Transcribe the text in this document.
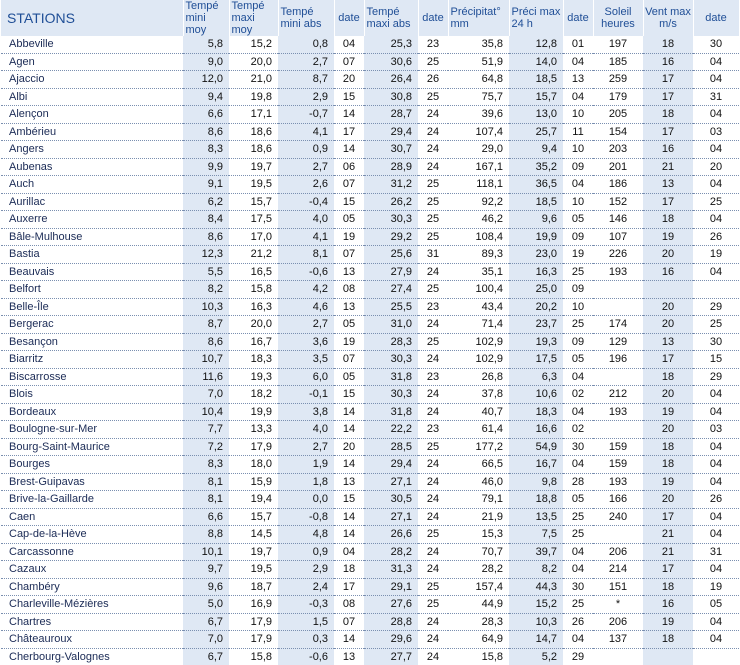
STATIONS	Tempé mini moy	Tempé maxi moy	Tempé mini abs	date	Tempé maxi abs	date	Précipitat° mm	Préci max 24 h	date	Soleil heures	Vent max m/s	date
Abbeville	5,8	15,2	0,8	04	25,3	23	35,8	12,8	01	197	18	30
Agen	9,0	20,0	2,7	07	30,6	25	51,9	14,0	04	185	16	04
Ajaccio	12,0	21,0	8,7	20	26,4	26	64,8	18,5	13	259	17	04
Albi	9,4	19,8	2,9	15	30,8	25	75,7	15,7	04	179	17	31
Alençon	6,6	17,1	-0,7	14	28,7	24	39,6	13,0	10	205	18	04
Ambérieu	8,6	18,6	4,1	17	29,4	24	107,4	25,7	11	154	17	03
Angers	8,3	18,6	0,9	14	30,7	24	29,0	9,4	10	203	16	04
Aubenas	9,9	19,7	2,7	06	28,9	24	167,1	35,2	09	201	21	20
Auch	9,1	19,5	2,6	07	31,2	25	118,1	36,5	04	186	13	04
Aurillac	6,2	15,7	-0,4	15	26,2	25	92,2	18,5	10	152	17	25
Auxerre	8,4	17,5	4,0	05	30,3	25	46,2	9,6	05	146	18	04
Bâle-Mulhouse	8,6	17,0	4,1	19	29,2	25	108,4	19,9	09	107	19	26
Bastia	12,3	21,2	8,1	07	25,6	31	89,3	23,0	19	226	20	19
Beauvais	5,5	16,5	-0,6	13	27,9	24	35,1	16,3	25	193	16	04
Belfort	8,2	15,8	4,2	08	27,4	25	100,4	25,0	09			
Belle-Île	10,3	16,3	4,6	13	25,5	23	43,4	20,2	10		20	29
Bergerac	8,7	20,0	2,7	05	31,0	24	71,4	23,7	25	174	20	25
Besançon	8,6	16,7	3,6	19	28,3	25	102,9	19,3	09	129	13	30
Biarritz	10,7	18,3	3,5	07	30,3	24	102,9	17,5	05	196	17	15
Biscarrosse	11,6	19,3	6,0	05	31,8	23	26,8	6,3	04		18	29
Blois	7,0	18,2	-0,1	15	30,3	24	37,8	10,6	02	212	20	04
Bordeaux	10,4	19,9	3,8	14	31,8	24	40,7	18,3	04	193	19	04
Boulogne-sur-Mer	7,7	13,3	4,0	14	22,2	23	61,4	16,6	02		20	03
Bourg-Saint-Maurice	7,2	17,9	2,7	20	28,5	25	177,2	54,9	30	159	18	04
Bourges	8,3	18,0	1,9	14	29,4	24	66,5	16,7	04	159	18	04
Brest-Guipavas	8,1	15,9	1,8	13	27,1	24	46,0	9,8	28	193	19	04
Brive-la-Gaillarde	8,1	19,4	0,0	15	30,5	24	79,1	18,8	05	166	20	26
Caen	6,6	15,7	-0,8	14	27,1	24	21,9	13,5	25	240	17	04
Cap-de-la-Hève	8,8	14,5	4,8	14	26,6	25	15,3	7,5	25		21	04
Carcassonne	10,1	19,7	0,9	04	28,2	24	70,7	39,7	04	206	21	31
Cazaux	9,7	19,5	2,9	18	31,3	24	28,2	8,2	04	214	17	04
Chambéry	9,6	18,7	2,4	17	29,1	25	157,4	44,3	30	151	18	19
Charleville-Mézières	5,0	16,9	-0,3	08	27,6	25	44,9	15,2	25	*	16	05
Chartres	6,7	17,9	1,5	07	28,8	24	28,3	10,3	26	206	19	04
Châteauroux	7,0	17,9	0,3	14	29,6	24	64,9	14,7	04	137	18	04
Cherbourg-Valognes	6,7	15,8	-0,6	13	27,7	24	15,8	5,2	29			
